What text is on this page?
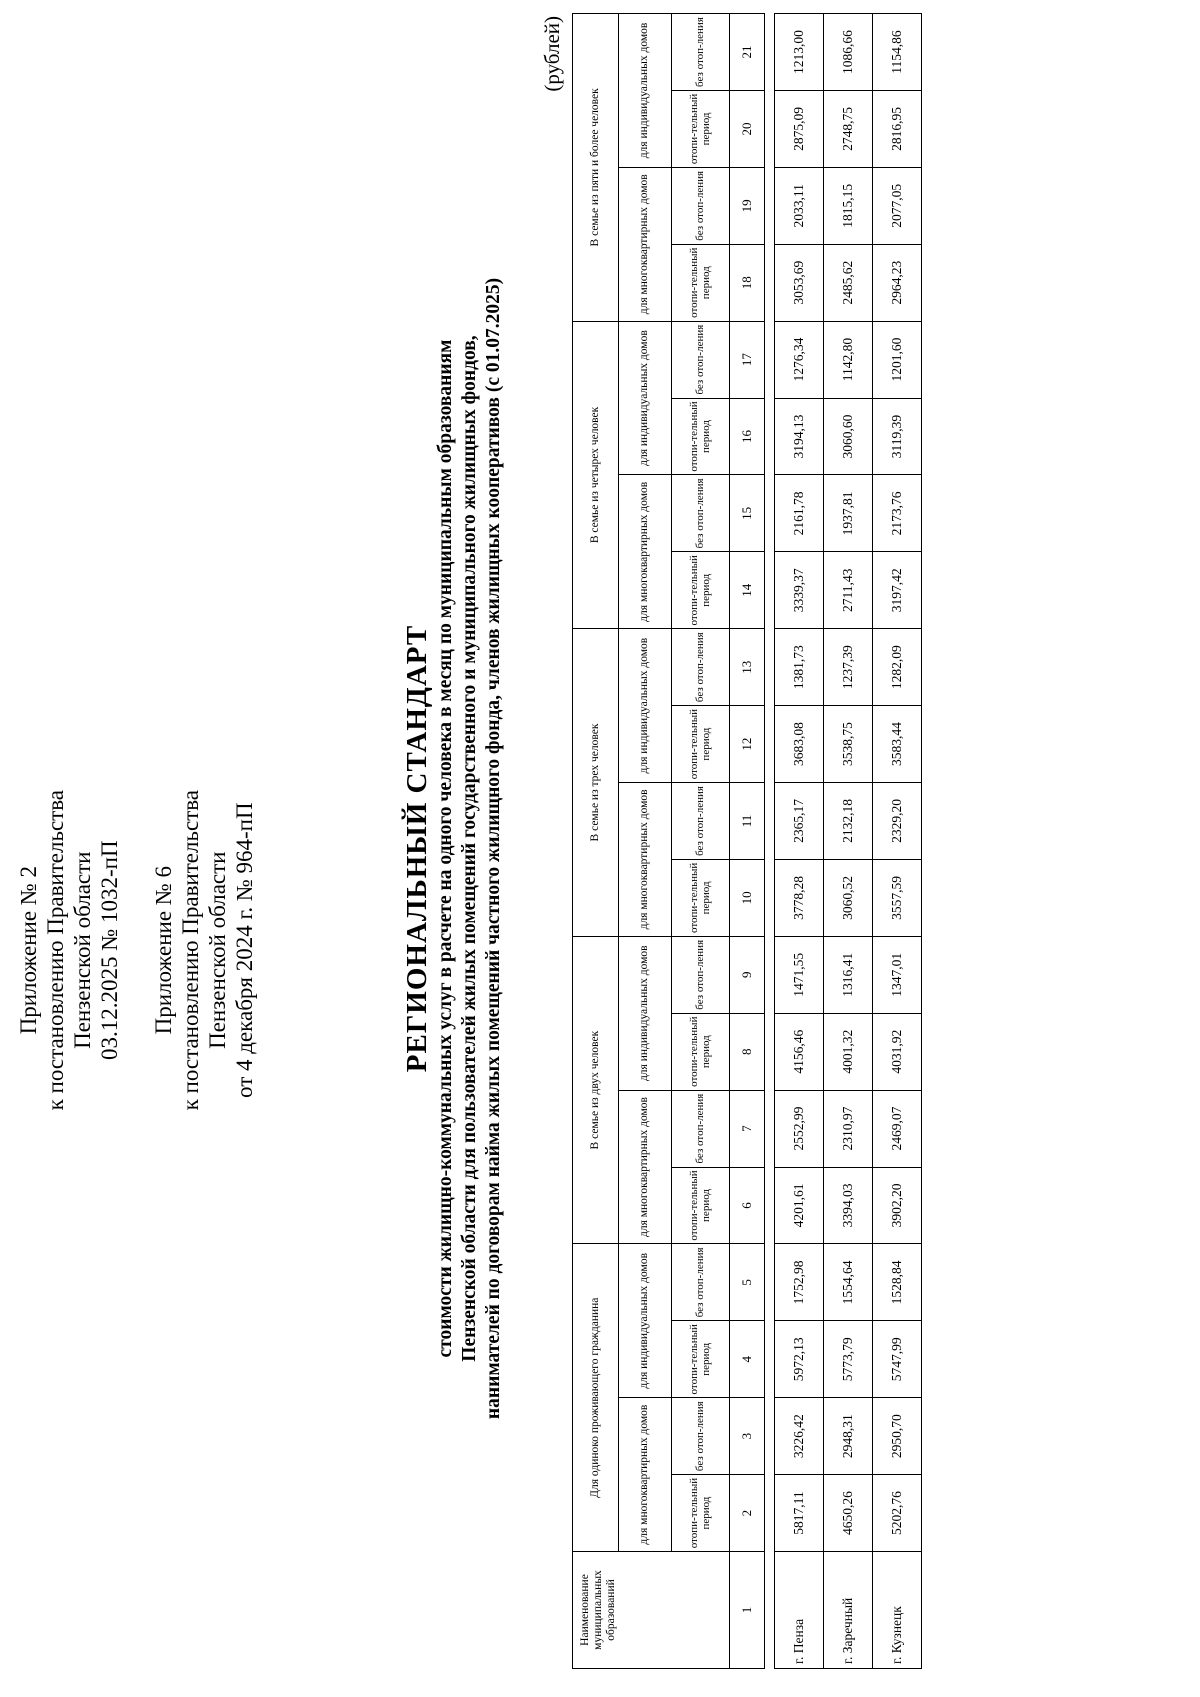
Приложение № 2 к постановлению Правительства Пензенской области 03.12.2025 № 1032-пП Приложение № 6 к постановлению Правительства Пензенской области от 4 декабря 2024 г. № 964-пП	РЕГИОНАЛЬНЫЙ СТАНДАРТ стоимости жилищно-коммунальных услуг в расчете на одного человека в месяц по муниципальным образованиям Пензенской области для пользователей жилых помещений государственного и муниципального жилищных фондов, нанимателей по договорам найма жилых помещений частного жилищного фонда, членов жилищных кооперативов (с 01.07.2025)
(рублей)
Наименование муниципальных образований	Для одиноко проживающего гражданина				В семье из двух человек				В семье из трех человек				В семье из четырех человек				В семье из пяти и более человек			
	для многоквартирных домов		для индивидуальных домов		для многоквартирных домов		для индивидуальных домов		для многоквартирных домов		для индивидуальных домов		для многоквартирных домов		для индивидуальных домов		для многоквартирных домов		для индивидуальных домов	
	отопи-тельный период	без отоп-ления	отопи-тельный период	без отоп-ления	отопи-тельный период	без отоп-ления	отопи-тельный период	без отоп-ления	отопи-тельный период	без отоп-ления	отопи-тельный период	без отоп-ления	отопи-тельный период	без отоп-ления	отопи-тельный период	без отоп-ления	отопи-тельный период	без отоп-ления	отопи-тельный период	без отоп-ления
1	2	3	4	5	6	7	8	9	10	11	12	13	14	15	16	17	18	19	20	21

г. Пенза	5817,11	3226,42	5972,13	1752,98	4201,61	2552,99	4156,46	1471,55	3778,28	2365,17	3683,08	1381,73	3339,37	2161,78	3194,13	1276,34	3053,69	2033,11	2875,09	1213,00
г. Заречный	4650,26	2948,31	5773,79	1554,64	3394,03	2310,97	4001,32	1316,41	3060,52	2132,18	3538,75	1237,39	2711,43	1937,81	3060,60	1142,80	2485,62	1815,15	2748,75	1086,66
г. Кузнецк	5202,76	2950,70	5747,99	1528,84	3902,20	2469,07	4031,92	1347,01	3557,59	2329,20	3583,44	1282,09	3197,42	2173,76	3119,39	1201,60	2964,23	2077,05	2816,95	1154,86
